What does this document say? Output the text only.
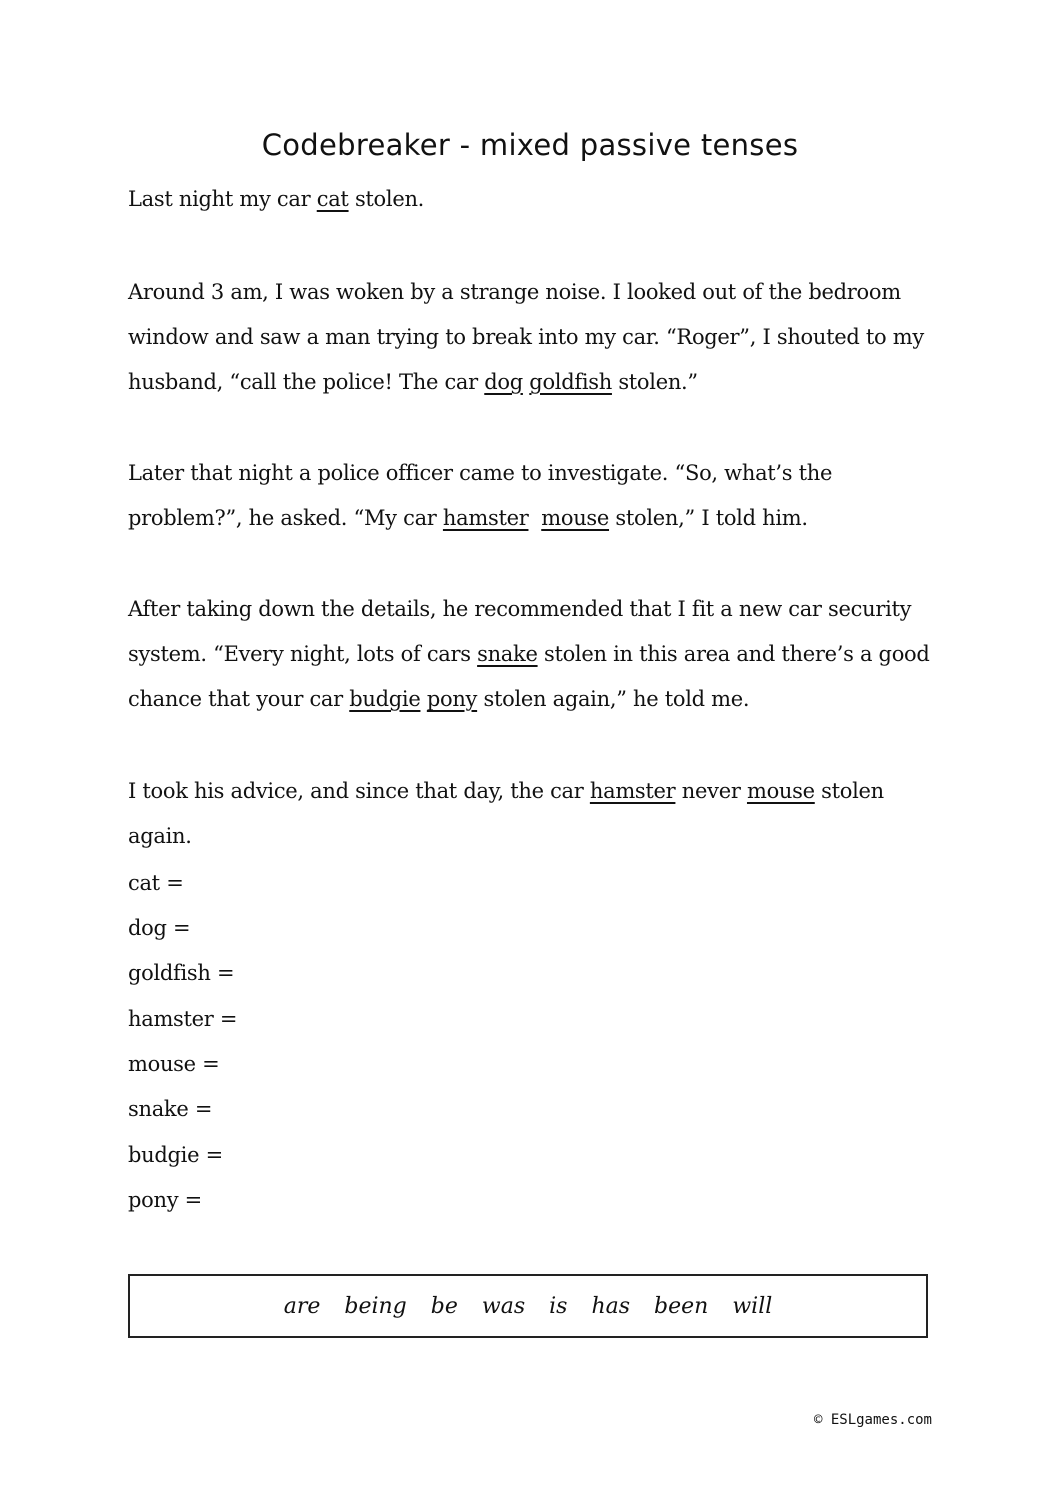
Codebreaker - mixed passive tenses

Last night my car cat stolen.

Around 3 am, I was woken by a strange noise. I looked out of the bedroom window and saw a man trying to break into my car. “Roger”, I shouted to my husband, “call the police! The car dog goldfish stolen.”

Later that night a police officer came to investigate. “So, what’s the problem?”, he asked. “My car hamster mouse stolen,” I told him.

After taking down the details, he recommended that I fit a new car security system. “Every night, lots of cars snake stolen in this area and there’s a good chance that your car budgie pony stolen again,” he told me.

I took his advice, and since that day, the car hamster never mouse stolen again.

cat =
dog =
goldfish =
hamster =
mouse =
snake =
budgie =
pony =
are being be was is has been will
© ESLgames.com
